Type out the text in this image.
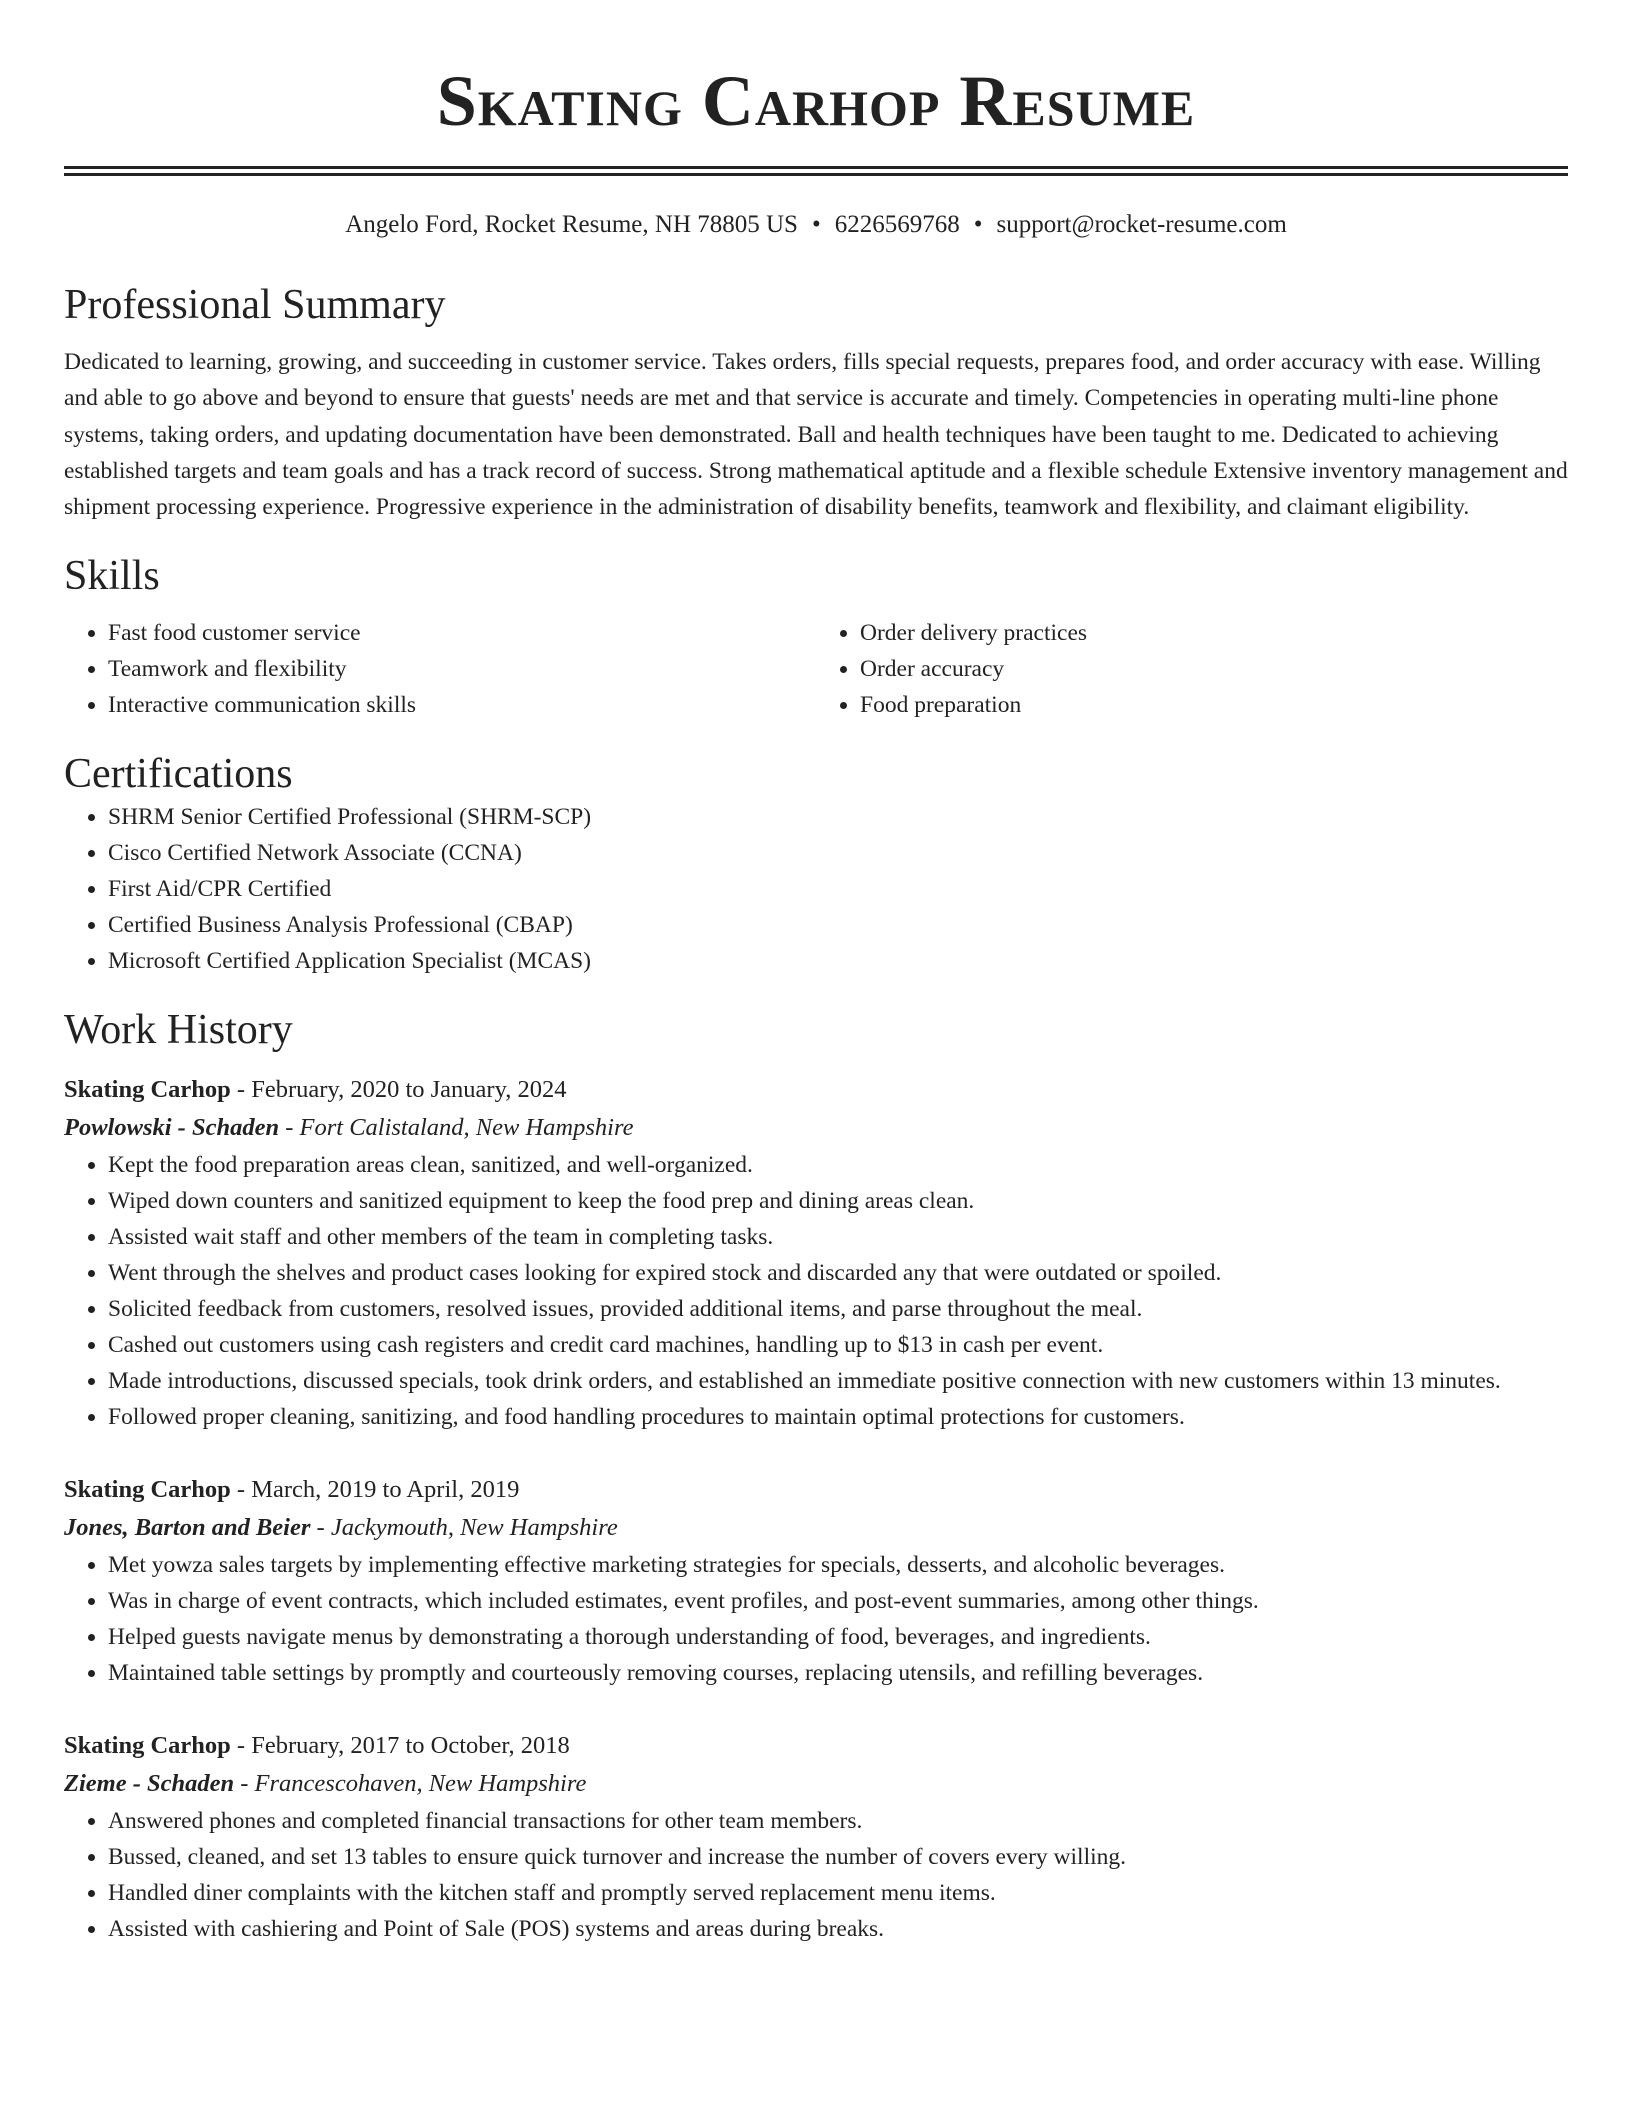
Skating Carhop Resume
Angelo Ford, Rocket Resume, NH 78805 US • 6226569768 • support@rocket-resume.com
Professional Summary

Dedicated to learning, growing, and succeeding in customer service. Takes orders, fills special requests, prepares food, and order accuracy with ease. Willing and able to go above and beyond to ensure that guests' needs are met and that service is accurate and timely. Competencies in operating multi-line phone systems, taking orders, and updating documentation have been demonstrated. Ball and health techniques have been taught to me. Dedicated to achieving established targets and team goals and has a track record of success. Strong mathematical aptitude and a flexible schedule Extensive inventory management and shipment processing experience. Progressive experience in the administration of disability benefits, teamwork and flexibility, and claimant eligibility.

Skills
• Fast food customer service
• Teamwork and flexibility
• Interactive communication skills
• Order delivery practices
• Order accuracy
• Food preparation
Certifications
• SHRM Senior Certified Professional (SHRM-SCP)
• Cisco Certified Network Associate (CCNA)
• First Aid/CPR Certified
• Certified Business Analysis Professional (CBAP)
• Microsoft Certified Application Specialist (MCAS)
Work History
Skating Carhop - February, 2020 to January, 2024
Powlowski - Schaden - Fort Calistaland, New Hampshire
• Kept the food preparation areas clean, sanitized, and well-organized.
• Wiped down counters and sanitized equipment to keep the food prep and dining areas clean.
• Assisted wait staff and other members of the team in completing tasks.
• Went through the shelves and product cases looking for expired stock and discarded any that were outdated or spoiled.
• Solicited feedback from customers, resolved issues, provided additional items, and parse throughout the meal.
• Cashed out customers using cash registers and credit card machines, handling up to $13 in cash per event.
• Made introductions, discussed specials, took drink orders, and established an immediate positive connection with new customers within 13 minutes.
• Followed proper cleaning, sanitizing, and food handling procedures to maintain optimal protections for customers.
Skating Carhop - March, 2019 to April, 2019
Jones, Barton and Beier - Jackymouth, New Hampshire
• Met yowza sales targets by implementing effective marketing strategies for specials, desserts, and alcoholic beverages.
• Was in charge of event contracts, which included estimates, event profiles, and post-event summaries, among other things.
• Helped guests navigate menus by demonstrating a thorough understanding of food, beverages, and ingredients.
• Maintained table settings by promptly and courteously removing courses, replacing utensils, and refilling beverages.
Skating Carhop - February, 2017 to October, 2018
Zieme - Schaden - Francescohaven, New Hampshire
• Answered phones and completed financial transactions for other team members.
• Bussed, cleaned, and set 13 tables to ensure quick turnover and increase the number of covers every willing.
• Handled diner complaints with the kitchen staff and promptly served replacement menu items.
• Assisted with cashiering and Point of Sale (POS) systems and areas during breaks.
